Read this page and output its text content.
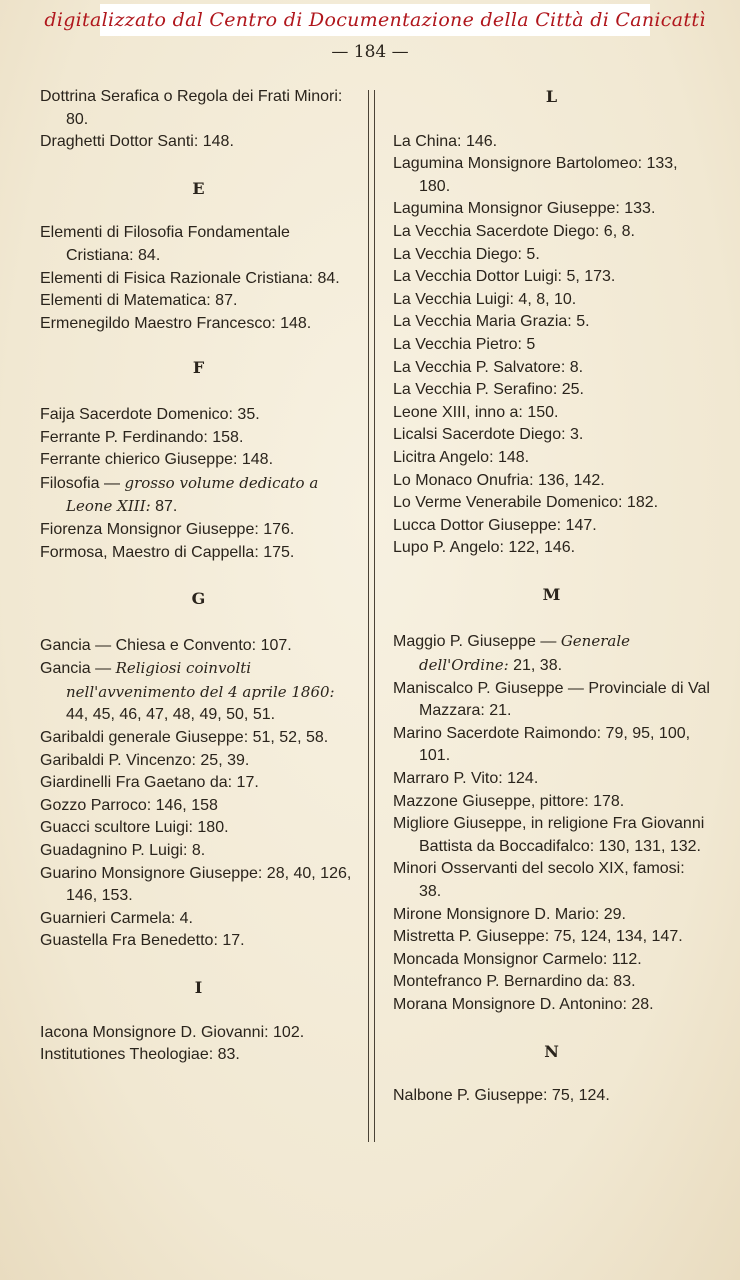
digitalizzato dal Centro di Documentazione della Città di Canicattì
— 184 —
Dottrina Serafica o Regola dei Frati Minori: 80.
Draghetti Dottor Santi: 148.
E
Elementi di Filosofia Fondamentale Cristiana: 84.
Elementi di Fisica Razionale Cristiana: 84.
Elementi di Matematica: 87.
Ermenegildo Maestro Francesco: 148.
F
Faija Sacerdote Domenico: 35.
Ferrante P. Ferdinando: 158.
Ferrante chierico Giuseppe: 148.
Filosofia — grosso volume dedicato a Leone XIII: 87.
Fiorenza Monsignor Giuseppe: 176.
Formosa, Maestro di Cappella: 175.
G
Gancia — Chiesa e Convento: 107.
Gancia — Religiosi coinvolti nell'avvenimento del 4 aprile 1860: 44, 45, 46, 47, 48, 49, 50, 51.
Garibaldi generale Giuseppe: 51, 52, 58.
Garibaldi P. Vincenzo: 25, 39.
Giardinelli Fra Gaetano da: 17.
Gozzo Parroco: 146, 158
Guacci scultore Luigi: 180.
Guadagnino P. Luigi: 8.
Guarino Monsignore Giuseppe: 28, 40, 126, 146, 153.
Guarnieri Carmela: 4.
Guastella Fra Benedetto: 17.
I
Iacona Monsignore D. Giovanni: 102.
Institutiones Theologiae: 83.
L
La China: 146.
Lagumina Monsignore Bartolomeo: 133, 180.
Lagumina Monsignor Giuseppe: 133.
La Vecchia Sacerdote Diego: 6, 8.
La Vecchia Diego: 5.
La Vecchia Dottor Luigi: 5, 173.
La Vecchia Luigi: 4, 8, 10.
La Vecchia Maria Grazia: 5.
La Vecchia Pietro: 5
La Vecchia P. Salvatore: 8.
La Vecchia P. Serafino: 25.
Leone XIII, inno a: 150.
Licalsi Sacerdote Diego: 3.
Licitra Angelo: 148.
Lo Monaco Onufria: 136, 142.
Lo Verme Venerabile Domenico: 182.
Lucca Dottor Giuseppe: 147.
Lupo P. Angelo: 122, 146.
M
Maggio P. Giuseppe — Generale dell'Ordine: 21, 38.
Maniscalco P. Giuseppe — Provinciale di Val Mazzara: 21.
Marino Sacerdote Raimondo: 79, 95, 100, 101.
Marraro P. Vito: 124.
Mazzone Giuseppe, pittore: 178.
Migliore Giuseppe, in religione Fra Giovanni Battista da Boccadifalco: 130, 131, 132.
Minori Osservanti del secolo XIX, famosi: 38.
Mirone Monsignore D. Mario: 29.
Mistretta P. Giuseppe: 75, 124, 134, 147.
Moncada Monsignor Carmelo: 112.
Montefranco P. Bernardino da: 83.
Morana Monsignore D. Antonino: 28.
N
Nalbone P. Giuseppe: 75, 124.
